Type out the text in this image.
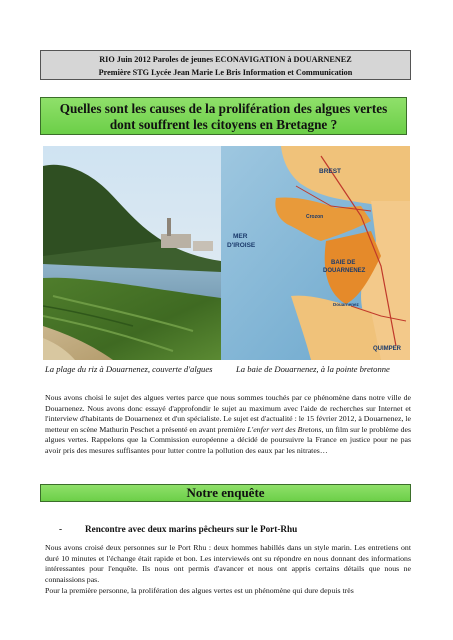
RIO Juin 2012 Paroles de jeunes ECONAVIGATION à DOUARNENEZ
Première STG Lycée Jean Marie Le Bris Information et Communication
Quelles sont les causes de la prolifération des algues vertes
dont souffrent les citoyens en Bretagne ?
BREST
Crozon
MER
D'IROISE
BAIE DE
DOUARNENEZ
Douarnenez
QUIMPER
La plage du riz à Douarnenez, couverte d'algues	La baie de Douarnenez, à la pointe bretonne
Nous avons choisi le sujet des algues vertes parce que nous sommes touchés par ce phénomène dans notre ville de Douarnenez. Nous avons donc essayé d'approfondir le sujet au maximum avec l'aide de recherches sur Internet et l'interview d'habitants de Douarnenez et d'un spécialiste. Le sujet est d'actualité : le 15 février 2012, à Douarnenez, le metteur en scène Mathurin Peschet a présenté en avant première L'enfer vert des Bretons, un film sur le problème des algues vertes. Rappelons que la Commission européenne a décidé de poursuivre la France en justice pour ne pas avoir pris des mesures suffisantes pour lutter contre la pollution des eaux par les nitrates…
Notre enquête
- Rencontre avec deux marins pêcheurs sur le Port-Rhu
Nous avons croisé deux personnes sur le Port Rhu : deux hommes habillés dans un style marin. Les entretiens ont duré 10 minutes et l'échange était rapide et bon. Les interviewés ont su répondre en nous donnant des informations intéressantes pour l'enquête. Ils nous ont permis d'avancer et nous ont appris certains détails que nous ne connaissions pas.
Pour la première personne, la prolifération des algues vertes est un phénomène qui dure depuis très
